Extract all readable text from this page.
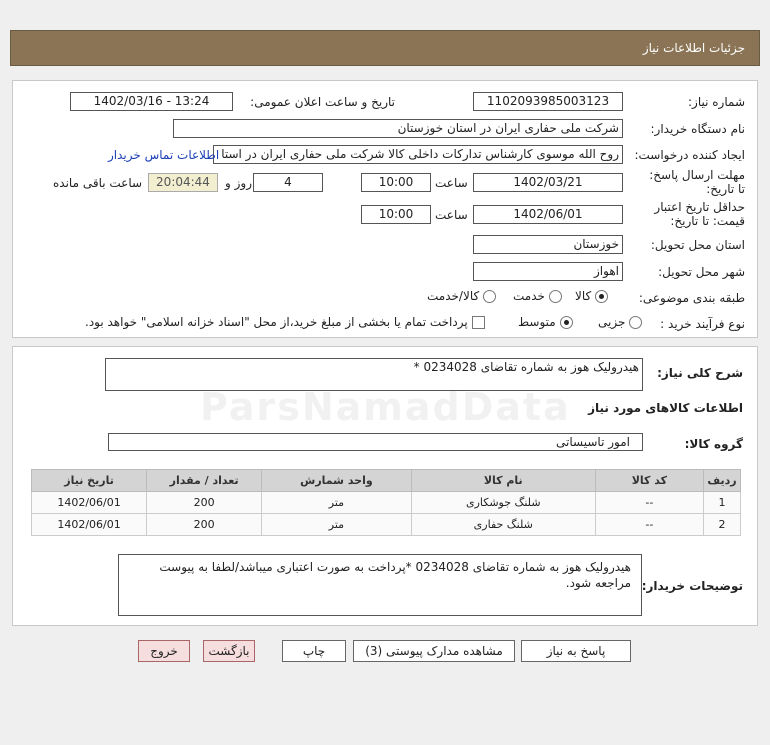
جزئیات اطلاعات نیاز
شماره نیاز:
1102093985003123
تاریخ و ساعت اعلان عمومی:
1402/03/16 - 13:24
نام دستگاه خریدار:
شرکت ملی حفاری ایران در استان خوزستان
ایجاد کننده درخواست:
روح الله موسوی کارشناس تدارکات داخلی کالا شرکت ملی حفاری ایران در استا
اطلاعات تماس خریدار
مهلت ارسال پاسخ: تا تاریخ:
1402/03/21
ساعت
10:00
4
روز و
20:04:44
ساعت باقی مانده
حداقل تاریخ اعتبار قیمت: تا تاریخ:
1402/06/01
ساعت
10:00
استان محل تحویل:
خوزستان
شهر محل تحویل:
اهواز
طبقه بندی موضوعی:
کالا
خدمت
کالا/خدمت
نوع فرآیند خرید :
جزیی
متوسط
پرداخت تمام یا بخشی از مبلغ خرید،از محل "اسناد خزانه اسلامی" خواهد بود.
شرح کلی نیاز:
هیدرولیک هوز به شماره تقاضای 0234028 *
اطلاعات کالاهای مورد نیاز
گروه کالا:
امور تاسیساتی
ردیف	کد کالا	نام کالا	واحد شمارش	تعداد / مقدار	تاریخ نیاز
1	--	شلنگ جوشکاری	متر	200	1402/06/01
2	--	شلنگ حفاری	متر	200	1402/06/01
توضیحات خریدار:
هیدرولیک هوز به شماره تقاضای 0234028 *پرداخت به صورت اعتباری میباشد/لطفا به پیوست مراجعه شود.
پاسخ به نیاز
مشاهده مدارک پیوستی (3)
چاپ
بازگشت
خروج
